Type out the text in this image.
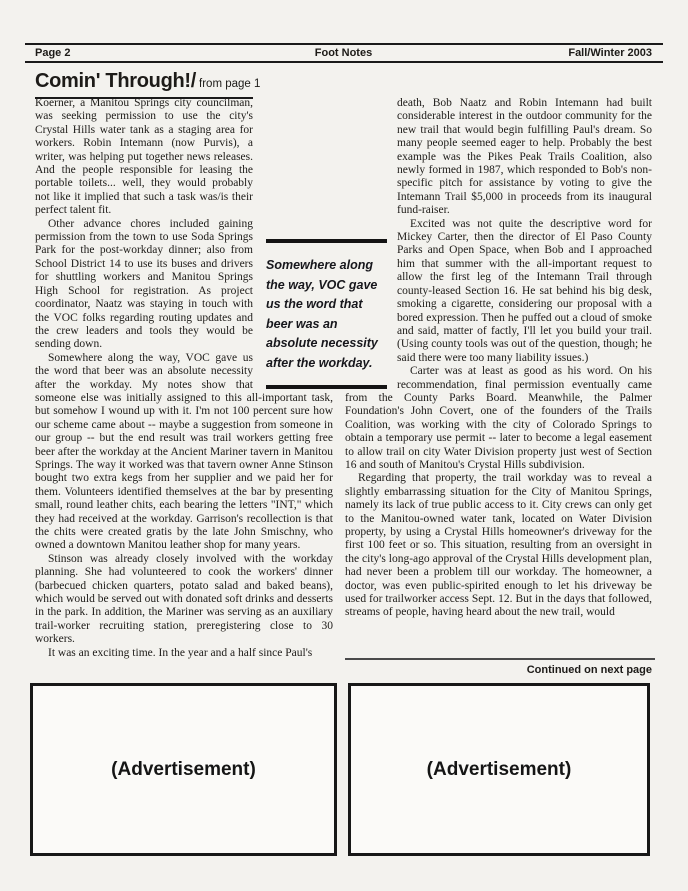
Foot Notes
Page 2	Fall/Winter 2003
Comin' Through!/ from page 1

Koerner, a Manitou Springs city councilman, was seeking permission to use the city's Crystal Hills water tank as a staging area for workers. Robin Intemann (now Purvis), a writer, was helping put together news releases. And the people responsible for leasing the portable toilets... well, they would probably not like it implied that such a task was/is their perfect talent fit.

Other advance chores included gaining permission from the town to use Soda Springs Park for the post-workday dinner; also from School District 14 to use its buses and drivers for shuttling workers and Manitou Springs High School for registration. As project coordinator, Naatz was staying in touch with the VOC folks regarding routing updates and the crew leaders and tools they would be sending down.

Somewhere along the way, VOC gave us the word that beer was an absolute necessity after the workday. My notes show that someone else was initially assigned to this all-important task, but somehow I wound up with it. I'm not 100 percent sure how our scheme came about -- maybe a suggestion from someone in our group -- but the end result was trail workers getting free beer after the workday at the Ancient Mariner tavern in Manitou Springs. The way it worked was that tavern owner Anne Stinson bought two extra kegs from her supplier and we paid her for them. Volunteers identified themselves at the bar by presenting small, round leather chits, each bearing the letters "INT," which they had received at the workday. Garrison's recollection is that the chits were created gratis by the late John Smischny, who owned a downtown Manitou leather shop for many years.

Stinson was already closely involved with the workday planning. She had volunteered to cook the workers' dinner (barbecued chicken quarters, potato salad and baked beans), which would be served out with donated soft drinks and desserts in the park. In addition, the Mariner was serving as an auxiliary trail-worker recruiting station, preregistering close to 30 workers.

It was an exciting time. In the year and a half since Paul's

death, Bob Naatz and Robin Intemann had built considerable interest in the outdoor community for the new trail that would begin fulfilling Paul's dream. So many people seemed eager to help. Probably the best example was the Pikes Peak Trails Coalition, also newly formed in 1987, which responded to Bob's non-specific pitch for assistance by voting to give the Intemann Trail $5,000 in proceeds from its inaugural fund-raiser.

Excited was not quite the descriptive word for Mickey Carter, then the director of El Paso County Parks and Open Space, when Bob and I approached him that summer with the all-important request to allow the first leg of the Intemann Trail through county-leased Section 16. He sat behind his big desk, smoking a cigarette, considering our proposal with a bored expression. Then he puffed out a cloud of smoke and said, matter of factly, I'll let you build your trail. (Using county tools was out of the question, though; he said there were too many liability issues.)

Carter was at least as good as his word. On his recommendation, final permission eventually came from the County Parks Board. Meanwhile, the Palmer Foundation's John Covert, one of the founders of the Trails Coalition, was working with the city of Colorado Springs to obtain a temporary use permit -- later to become a legal easement to allow trail on city Water Division property just west of Section 16 and south of Manitou's Crystal Hills subdivision.

Regarding that property, the trail workday was to reveal a slightly embarrassing situation for the City of Manitou Springs, namely its lack of true public access to it. City crews can only get to the Manitou-owned water tank, located on Water Division property, by using a Crystal Hills homeowner's driveway for the first 100 feet or so. This situation, resulting from an oversight in the city's long-ago approval of the Crystal Hills development plan, had never been a problem till our workday. The homeowner, a doctor, was even public-spirited enough to let his driveway be used for trailworker access Sept. 12. But in the days that followed, streams of people, having heard about the new trail, would

Somewhere along the way, VOC gave us the word that beer was an absolute necessity after the workday.
Continued on next page
(Advertisement)	(Advertisement)
